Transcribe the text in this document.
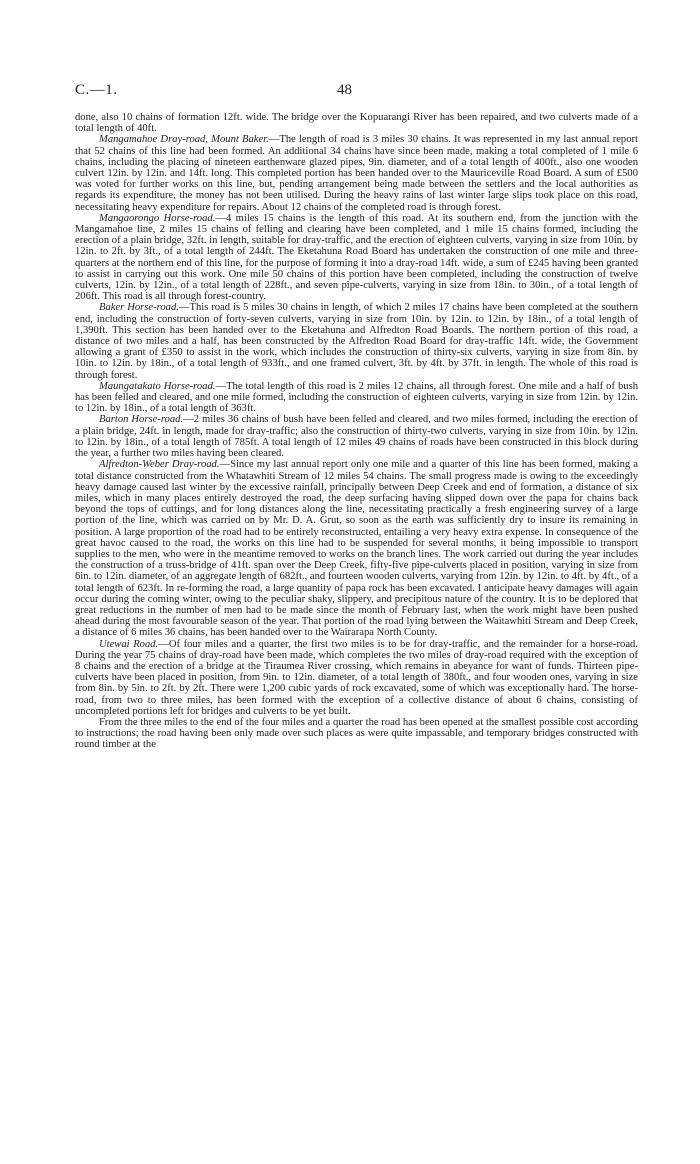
C.—1.	48

done, also 10 chains of formation 12ft. wide. The bridge over the Kopuarangi River has been repaired, and two culverts made of a total length of 40ft.

Mangamahoe Dray-road, Mount Baker.—The length of road is 3 miles 30 chains. It was represented in my last annual report that 52 chains of this line had been formed. An additional 34 chains have since been made, making a total completed of 1 mile 6 chains, including the placing of nineteen earthenware glazed pipes, 9in. diameter, and of a total length of 400ft., also one wooden culvert 12in. by 12in. and 14ft. long. This completed portion has been handed over to the Mauriceville Road Board. A sum of £500 was voted for further works on this line, but, pending arrangement being made between the settlers and the local authorities as regards its expenditure, the money has not been utilised. During the heavy rains of last winter large slips took place on this road, necessitating heavy expenditure for repairs. About 12 chains of the completed road is through forest.

Mangaorongo Horse-road.—4 miles 15 chains is the length of this road. At its southern end, from the junction with the Mangamahoe line, 2 miles 15 chains of felling and clearing have been completed, and 1 mile 15 chains formed, including the erection of a plain bridge, 32ft. in length, suitable for dray-traffic, and the erection of eighteen culverts, varying in size from 10in. by 12in. to 2ft. by 3ft., of a total length of 244ft. The Eketahuna Road Board has undertaken the construction of one mile and three-quarters at the northern end of this line, for the purpose of forming it into a dray-road 14ft. wide, a sum of £245 having been granted to assist in carrying out this work. One mile 50 chains of this portion have been completed, including the construction of twelve culverts, 12in. by 12in., of a total length of 228ft., and seven pipe-culverts, varying in size from 18in. to 30in., of a total length of 206ft. This road is all through forest-country.

Baker Horse-road.—This road is 5 miles 30 chains in length, of which 2 miles 17 chains have been completed at the southern end, including the construction of forty-seven culverts, varying in size from 10in. by 12in. to 12in. by 18in., of a total length of 1,390ft. This section has been handed over to the Eketahuna and Alfredton Road Boards. The northern portion of this road, a distance of two miles and a half, has been constructed by the Alfredton Road Board for dray-traffic 14ft. wide, the Government allowing a grant of £350 to assist in the work, which includes the construction of thirty-six culverts, varying in size from 8in. by 10in. to 12in. by 18in., of a total length of 933ft., and one framed culvert, 3ft. by 4ft. by 37ft. in length. The whole of this road is through forest.

Maungatakato Horse-road.—The total length of this road is 2 miles 12 chains, all through forest. One mile and a half of bush has been felled and cleared, and one mile formed, including the construction of eighteen culverts, varying in size from 12in. by 12in. to 12in. by 18in., of a total length of 363ft.

Barton Horse-road.—2 miles 36 chains of bush have been felled and cleared, and two miles formed, including the erection of a plain bridge, 24ft. in length, made for dray-traffic; also the construction of thirty-two culverts, varying in size from 10in. by 12in. to 12in. by 18in., of a total length of 785ft. A total length of 12 miles 49 chains of roads have been constructed in this block during the year, a further two miles having been cleared.

Alfredton-Weber Dray-road.—Since my last annual report only one mile and a quarter of this line has been formed, making a total distance constructed from the Whatawhiti Stream of 12 miles 54 chains. The small progress made is owing to the exceedingly heavy damage caused last winter by the excessive rainfall, principally between Deep Creek and end of formation, a distance of six miles, which in many places entirely destroyed the road, the deep surfacing having slipped down over the papa for chains back beyond the tops of cuttings, and for long distances along the line, necessitating practically a fresh engineering survey of a large portion of the line, which was carried on by Mr. D. A. Grut, so soon as the earth was sufficiently dry to insure its remaining in position. A large proportion of the road had to be entirely reconstructed, entailing a very heavy extra expense. In consequence of the great havoc caused to the road, the works on this line had to be suspended for several months, it being impossible to transport supplies to the men, who were in the meantime removed to works on the branch lines. The work carried out during the year includes the construction of a truss-bridge of 41ft. span over the Deep Creek, fifty-five pipe-culverts placed in position, varying in size from 6in. to 12in. diameter, of an aggregate length of 682ft., and fourteen wooden culverts, varying from 12in. by 12in. to 4ft. by 4ft., of a total length of 623ft. In re-forming the road, a large quantity of papa rock has been excavated. I anticipate heavy damages will again occur during the coming winter, owing to the peculiar shaky, slippery, and precipitous nature of the country. It is to be deplored that great reductions in the number of men had to be made since the month of February last, when the work might have been pushed ahead during the most favourable season of the year. That portion of the road lying between the Waitawhiti Stream and Deep Creek, a distance of 6 miles 36 chains, has been handed over to the Wairarapa North County.

Utewai Road.—Of four miles and a quarter, the first two miles is to be for dray-traffic, and the remainder for a horse-road. During the year 75 chains of dray-road have been made, which completes the two miles of dray-road required with the exception of 8 chains and the erection of a bridge at the Tiraumea River crossing, which remains in abeyance for want of funds. Thirteen pipe-culverts have been placed in position, from 9in. to 12in. diameter, of a total length of 380ft., and four wooden ones, varying in size from 8in. by 5in. to 2ft. by 2ft. There were 1,200 cubic yards of rock excavated, some of which was exceptionally hard. The horse-road, from two to three miles, has been formed with the exception of a collective distance of about 6 chains, consisting of uncompleted portions left for bridges and culverts to be yet built.

From the three miles to the end of the four miles and a quarter the road has been opened at the smallest possible cost according to instructions; the road having been only made over such places as were quite impassable, and temporary bridges constructed with round timber at the
